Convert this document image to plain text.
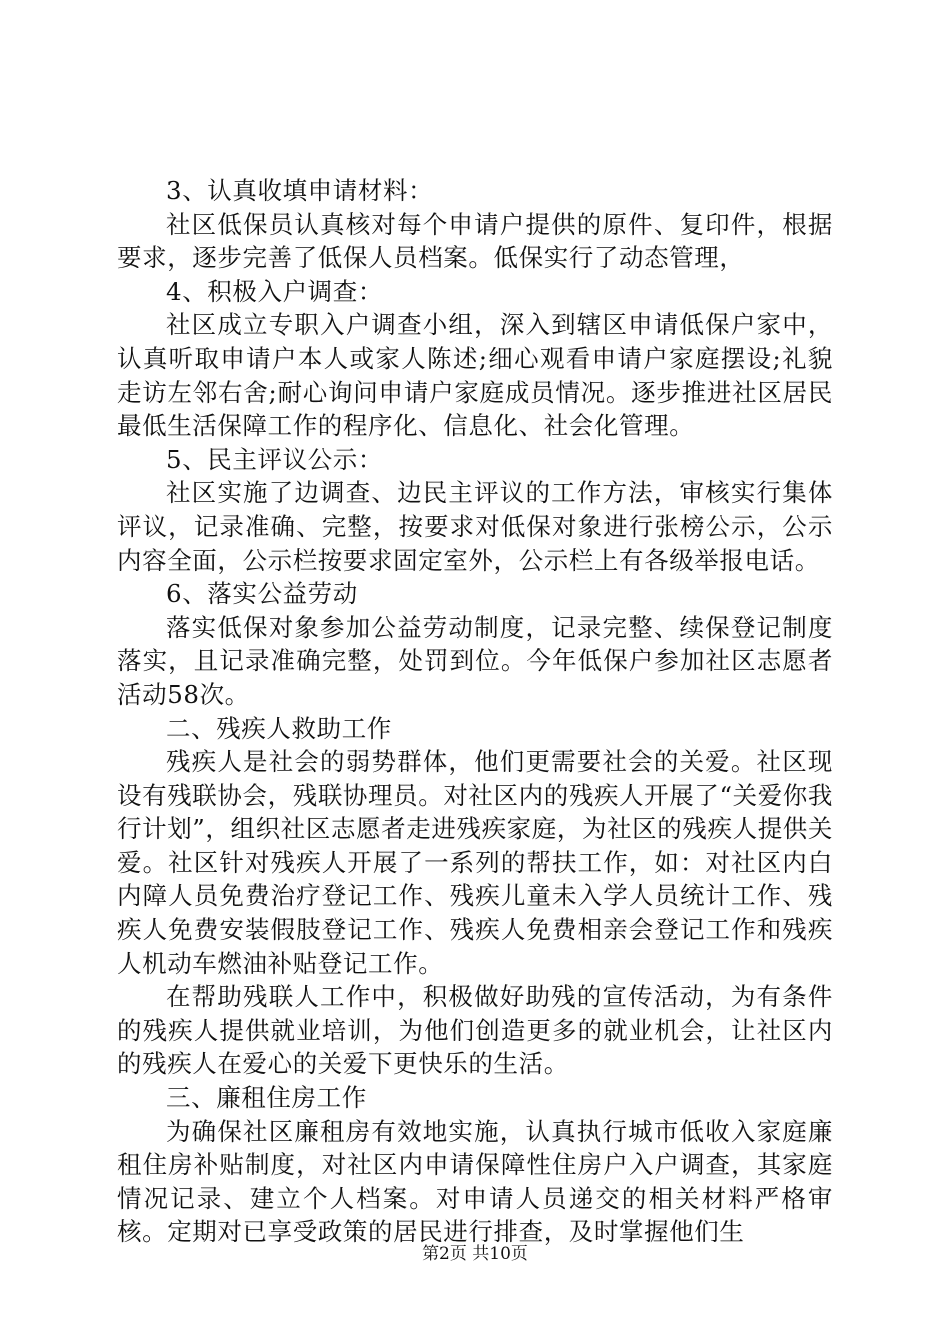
3、认真收填申请材料：

社区低保员认真核对每个申请户提供的原件、复印件，根据要求，逐步完善了低保人员档案。低保实行了动态管理，

4、积极入户调查：

社区成立专职入户调查小组，深入到辖区申请低保户家中，认真听取申请户本人或家人陈述;细心观看申请户家庭摆设;礼貌走访左邻右舍;耐心询问申请户家庭成员情况。逐步推进社区居民最低生活保障工作的程序化、信息化、社会化管理。

5、民主评议公示：

社区实施了边调查、边民主评议的工作方法，审核实行集体评议，记录准确、完整，按要求对低保对象进行张榜公示，公示内容全面，公示栏按要求固定室外，公示栏上有各级举报电话。

6、落实公益劳动

落实低保对象参加公益劳动制度，记录完整、续保登记制度落实，且记录准确完整，处罚到位。今年低保户参加社区志愿者活动58次。

二、残疾人救助工作

残疾人是社会的弱势群体，他们更需要社会的关爱。社区现设有残联协会，残联协理员。对社区内的残疾人开展了“关爱你我行计划”，组织社区志愿者走进残疾家庭，为社区的残疾人提供关爱。社区针对残疾人开展了一系列的帮扶工作，如：对社区内白内障人员免费治疗登记工作、残疾儿童未入学人员统计工作、残疾人免费安装假肢登记工作、残疾人免费相亲会登记工作和残疾人机动车燃油补贴登记工作。

在帮助残联人工作中，积极做好助残的宣传活动，为有条件的残疾人提供就业培训，为他们创造更多的就业机会，让社区内的残疾人在爱心的关爱下更快乐的生活。

三、廉租住房工作

为确保社区廉租房有效地实施，认真执行城市低收入家庭廉租住房补贴制度，对社区内申请保障性住房户入户调查，其家庭情况记录、建立个人档案。对申请人员递交的相关材料严格审核。定期对已享受政策的居民进行排查，及时掌握他们生

第2页 共10页
